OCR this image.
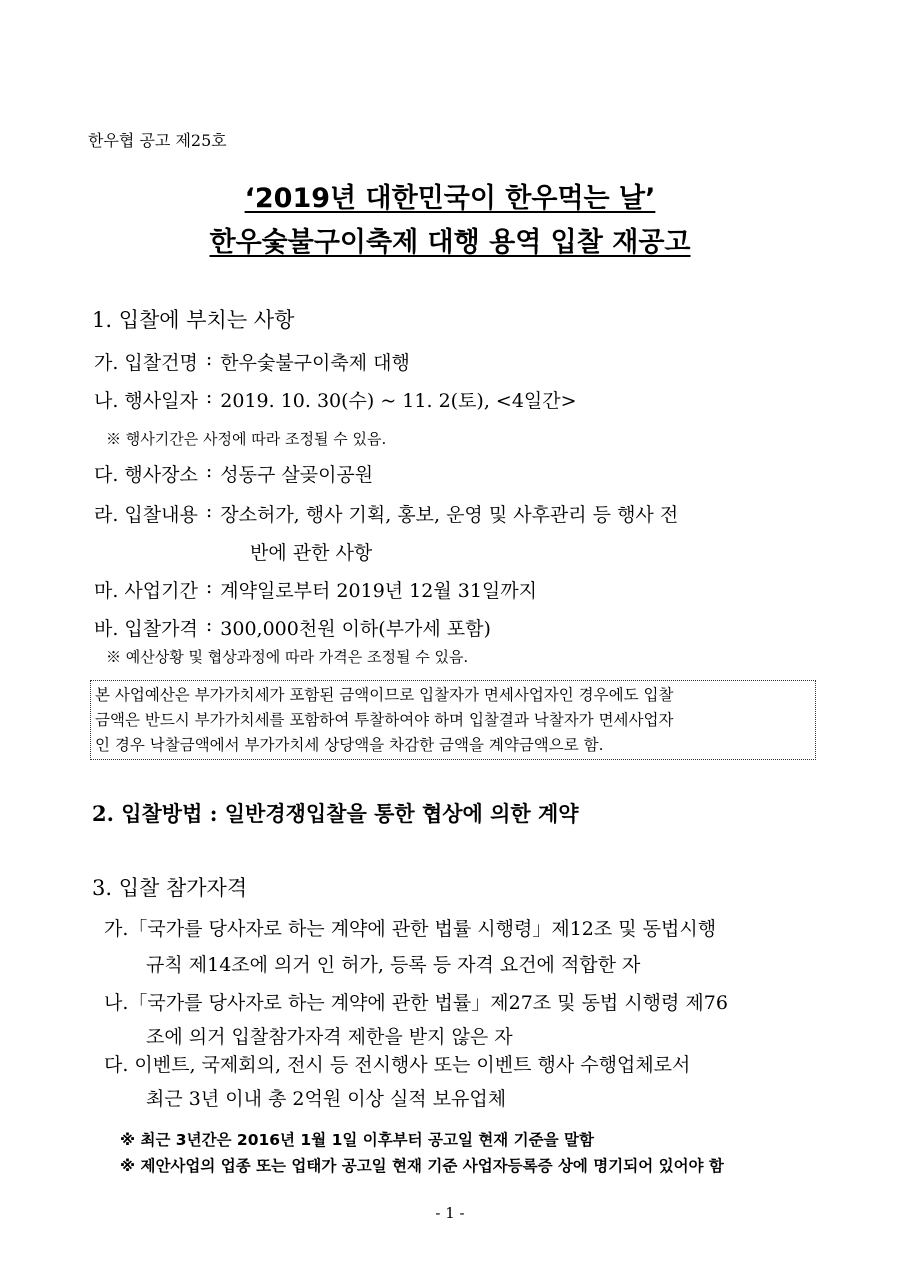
한우협 공고 제25호
‘2019년 대한민국이 한우먹는 날’
한우숯불구이축제 대행 용역 입찰 재공고
1. 입찰에 부치는 사항
가. 입찰건명 : 한우숯불구이축제 대행
나. 행사일자 : 2019. 10. 30(수) ~ 11. 2(토), <4일간>
※ 행사기간은 사정에 따라 조정될 수 있음.
다. 행사장소 : 성동구 살곶이공원
라. 입찰내용 : 장소허가, 행사 기획, 홍보, 운영 및 사후관리 등 행사 전
반에 관한 사항
마. 사업기간 : 계약일로부터 2019년 12월 31일까지
바. 입찰가격 : 300,000천원 이하(부가세 포함)
※ 예산상황 및 협상과정에 따라 가격은 조정될 수 있음.
본 사업예산은 부가가치세가 포함된 금액이므로 입찰자가 면세사업자인 경우에도 입찰
금액은 반드시 부가가치세를 포함하여 투찰하여야 하며 입찰결과 낙찰자가 면세사업자
인 경우 낙찰금액에서 부가가치세 상당액을 차감한 금액을 계약금액으로 함.
2. 입찰방법 : 일반경쟁입찰을 통한 협상에 의한 계약
3. 입찰 참가자격
가.「국가를 당사자로 하는 계약에 관한 법률 시행령」제12조 및 동법시행
규칙 제14조에 의거 인 허가, 등록 등 자격 요건에 적합한 자
나.「국가를 당사자로 하는 계약에 관한 법률」제27조 및 동법 시행령 제76
조에 의거 입찰참가자격 제한을 받지 않은 자
다. 이벤트, 국제회의, 전시 등 전시행사 또는 이벤트 행사 수행업체로서
최근 3년 이내 총 2억원 이상 실적 보유업체
※ 최근 3년간은 2016년 1월 1일 이후부터 공고일 현재 기준을 말함
※ 제안사업의 업종 또는 업태가 공고일 현재 기준 사업자등록증 상에 명기되어 있어야 함
- 1 -
